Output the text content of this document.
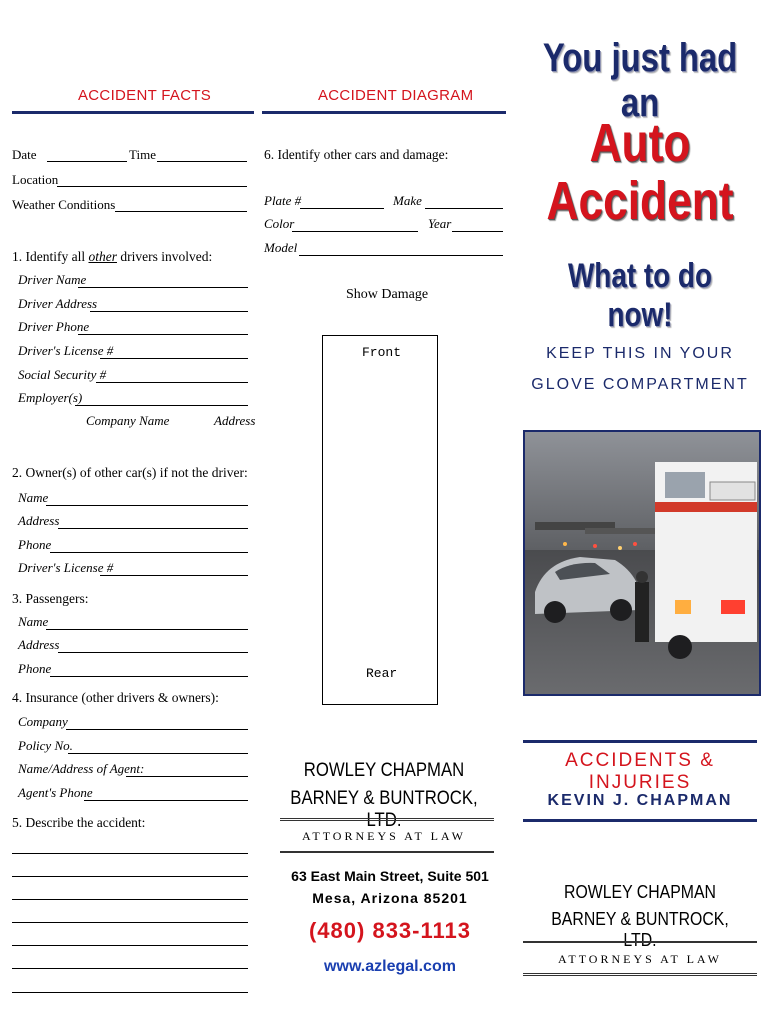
ACCIDENT FACTS
Date	Time
Location
Weather Conditions
1. Identify all other drivers involved:
Driver Name
Driver Address
Driver Phone
Driver's License #
Social Security #
Employer(s)
Company Name	Address
2. Owner(s) of other car(s) if not the driver:
Name
Address
Phone
Driver's License #
3. Passengers:
Name
Address
Phone
4. Insurance (other drivers & owners):
Company
Policy No.
Name/Address of Agent:
Agent's Phone
5. Describe the accident:
ACCIDENT DIAGRAM
6. Identify other cars and damage:
Plate #	Make
Color	Year
Model
Show Damage
Front
Rear
ROWLEY CHAPMAN
BARNEY & BUNTROCK, LTD.
ATTORNEYS AT LAW
63 East Main Street, Suite 501
Mesa, Arizona 85201
(480) 833-1113
www.azlegal.com
You just had an
Auto
Accident
What to do now!
KEEP THIS IN YOUR
GLOVE COMPARTMENT
ACCIDENTS & INJURIES
KEVIN J. CHAPMAN
ROWLEY CHAPMAN
BARNEY & BUNTROCK, LTD.
ATTORNEYS AT LAW
